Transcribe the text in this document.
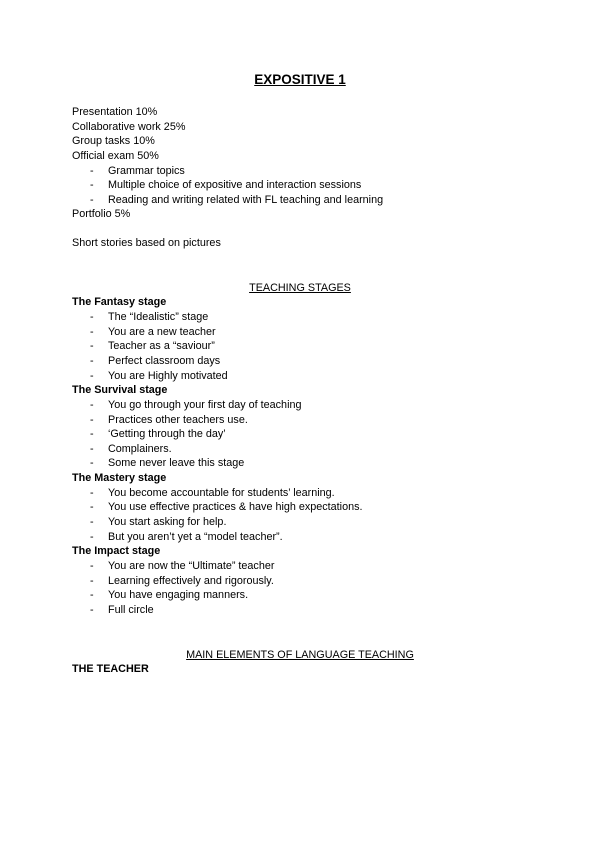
EXPOSITIVE 1
Presentation 10%
Collaborative work 25%
Group tasks 10%
Official exam 50%
- Grammar topics
- Multiple choice of expositive and interaction sessions
- Reading and writing related with FL teaching and learning
Portfolio 5%
Short stories based on pictures
TEACHING STAGES
The Fantasy stage
- The “Idealistic” stage
- You are a new teacher
- Teacher as a “saviour”
- Perfect classroom days
- You are Highly motivated
The Survival stage
- You go through your first day of teaching
- Practices other teachers use.
- ‘Getting through the day’
- Complainers.
- Some never leave this stage
The Mastery stage
- You become accountable for students’ learning.
- You use effective practices & have high expectations.
- You start asking for help.
- But you aren’t yet a “model teacher”.
The Impact stage
- You are now the “Ultimate” teacher
- Learning effectively and rigorously.
- You have engaging manners.
- Full circle
MAIN ELEMENTS OF LANGUAGE TEACHING
THE TEACHER
